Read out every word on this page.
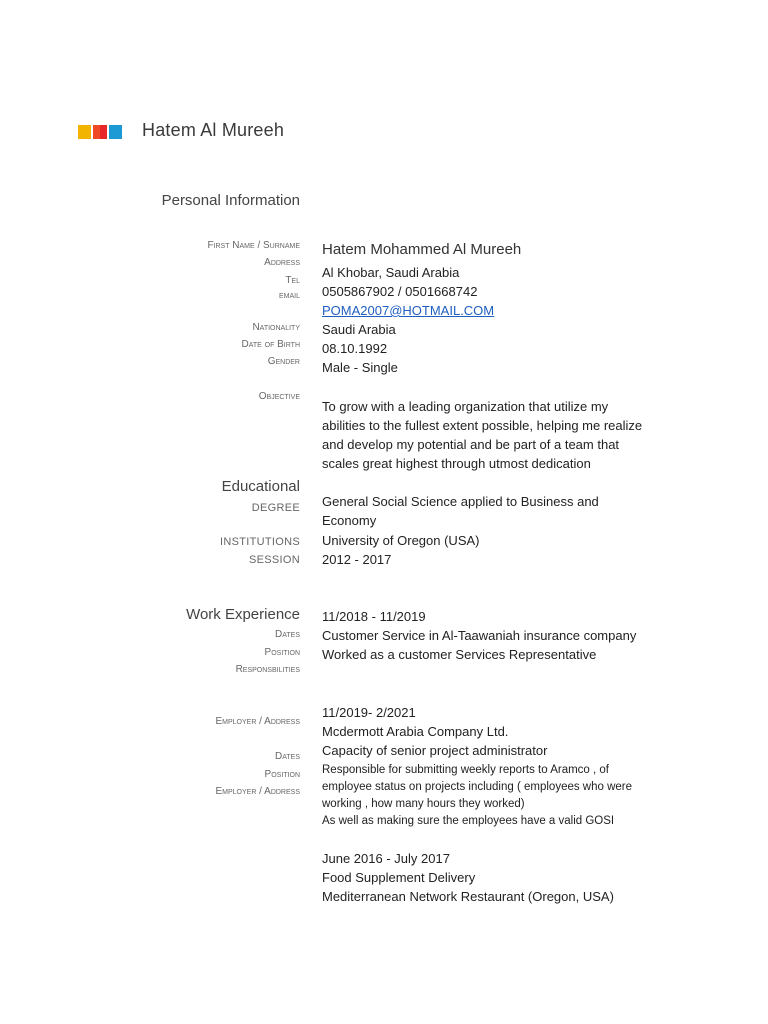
Hatem Al Mureeh
Personal Information
First Name / Surname Hatem Mohammed Al Mureeh
Address
Al Khobar, Saudi Arabia
Tel
0505867902 / 0501668742
email
POMA2007@HOTMAIL.COM
Nationality Saudi Arabia
Date of Birth 08.10.1992
Gender Male - Single
Objective
To grow with a leading organization that utilize my abilities to the fullest extent possible, helping me realize and develop my potential and be part of a team that scales great highest through utmost dedication
Educational
DEGREE General Social Science applied to Business and Economy
INSTITUTIONS University of Oregon (USA)
SESSION 2012 - 2017
Work Experience
Dates
Position
Responsbilities
Employer / Address
Dates
Position
Employer / Address
11/2018 - 11/2019
Customer Service in Al-Taawaniah insurance company
Worked as a customer Services Representative
11/2019- 2/2021
Mcdermott Arabia Company Ltd.
Capacity of senior project administrator
Responsible for submitting weekly reports to Aramco , of employee status on projects including ( employees who were working , how many hours they worked)
As well as making sure the employees have a valid GOSI
June 2016 - July 2017
Food Supplement Delivery
Mediterranean Network Restaurant (Oregon, USA)
